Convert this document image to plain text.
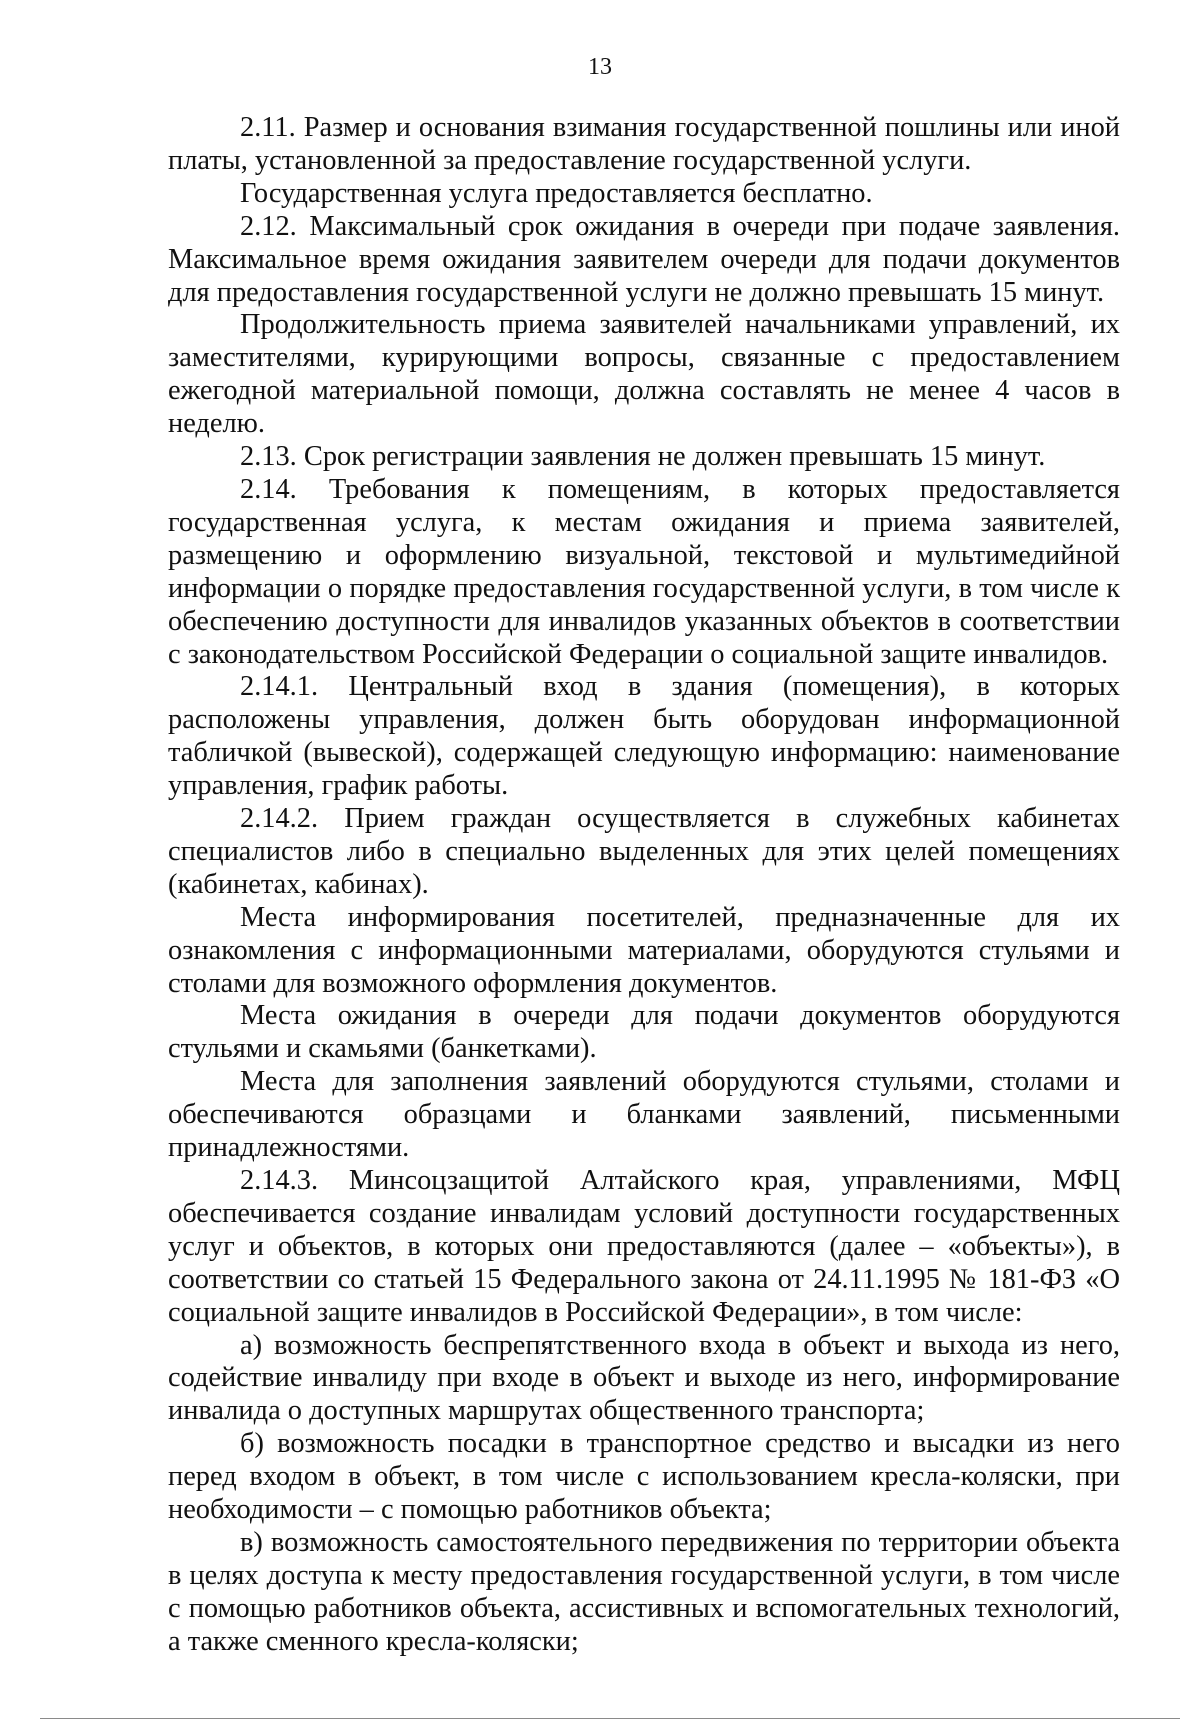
13

2.11. Размер и основания взимания государственной пошлины или иной платы, установленной за предоставление государственной услуги.

Государственная услуга предоставляется бесплатно.

2.12. Максимальный срок ожидания в очереди при подаче заявления. Максимальное время ожидания заявителем очереди для подачи документов для предоставления государственной услуги не должно превышать 15 минут.

Продолжительность приема заявителей начальниками управлений, их заместителями, курирующими вопросы, связанные с предоставлением ежегодной материальной помощи, должна составлять не менее 4 часов в неделю.

2.13. Срок регистрации заявления не должен превышать 15 минут.

2.14. Требования к помещениям, в которых предоставляется государственная услуга, к местам ожидания и приема заявителей, размещению и оформлению визуальной, текстовой и мультимедийной информации о порядке предоставления государственной услуги, в том числе к обеспечению доступности для инвалидов указанных объектов в соответствии с законодательством Российской Федерации о социальной защите инвалидов.

2.14.1. Центральный вход в здания (помещения), в которых расположены управления, должен быть оборудован информационной табличкой (вывеской), содержащей следующую информацию: наименование управления, график работы.

2.14.2. Прием граждан осуществляется в служебных кабинетах специалистов либо в специально выделенных для этих целей помещениях (кабинетах, кабинах).

Места информирования посетителей, предназначенные для их ознакомления с информационными материалами, оборудуются стульями и столами для возможного оформления документов.

Места ожидания в очереди для подачи документов оборудуются стульями и скамьями (банкетками).

Места для заполнения заявлений оборудуются стульями, столами и обеспечиваются образцами и бланками заявлений, письменными принадлежностями.

2.14.3. Минсоцзащитой Алтайского края, управлениями, МФЦ обеспечивается создание инвалидам условий доступности государственных услуг и объектов, в которых они предоставляются (далее – «объекты»), в соответствии со статьей 15 Федерального закона от 24.11.1995 № 181-ФЗ «О социальной защите инвалидов в Российской Федерации», в том числе:

а) возможность беспрепятственного входа в объект и выхода из него, содействие инвалиду при входе в объект и выходе из него, информирование инвалида о доступных маршрутах общественного транспорта;

б) возможность посадки в транспортное средство и высадки из него перед входом в объект, в том числе с использованием кресла-коляски, при необходимости – с помощью работников объекта;

в) возможность самостоятельного передвижения по территории объекта в целях доступа к месту предоставления государственной услуги, в том числе с помощью работников объекта, ассистивных и вспомогательных технологий, а также сменного кресла-коляски;
